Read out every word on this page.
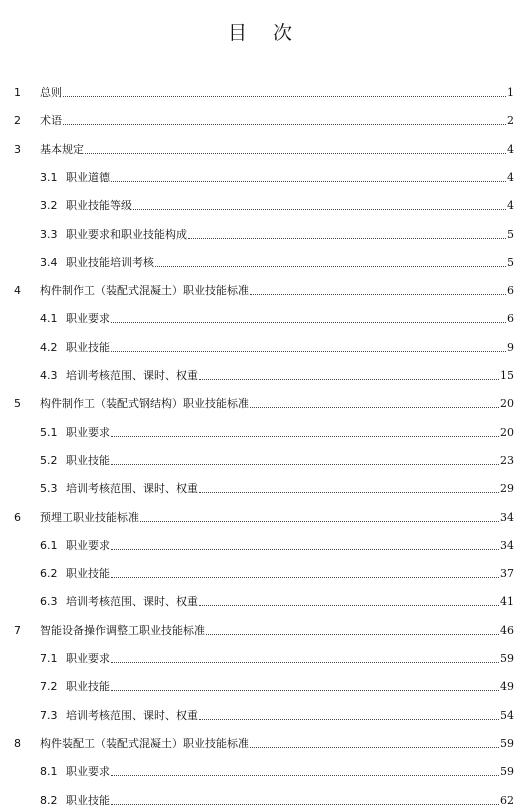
目 次
1	总则	1
2	术语	2
3	基本规定	4
3.1 职业道德	4
3.2 职业技能等级	4
3.3 职业要求和职业技能构成	5
3.4 职业技能培训考核	5
4	构件制作工（装配式混凝土）职业技能标准	6
4.1 职业要求	6
4.2 职业技能	9
4.3 培训考核范围、课时、权重	15
5	构件制作工（装配式钢结构）职业技能标准	20
5.1 职业要求	20
5.2 职业技能	23
5.3 培训考核范围、课时、权重	29
6	预埋工职业技能标准	34
6.1 职业要求	34
6.2 职业技能	37
6.3 培训考核范围、课时、权重	41
7	智能设备操作调整工职业技能标准	46
7.1 职业要求	59
7.2 职业技能	49
7.3 培训考核范围、课时、权重	54
8	构件装配工（装配式混凝土）职业技能标准	59
8.1 职业要求	59
8.2 职业技能	62
